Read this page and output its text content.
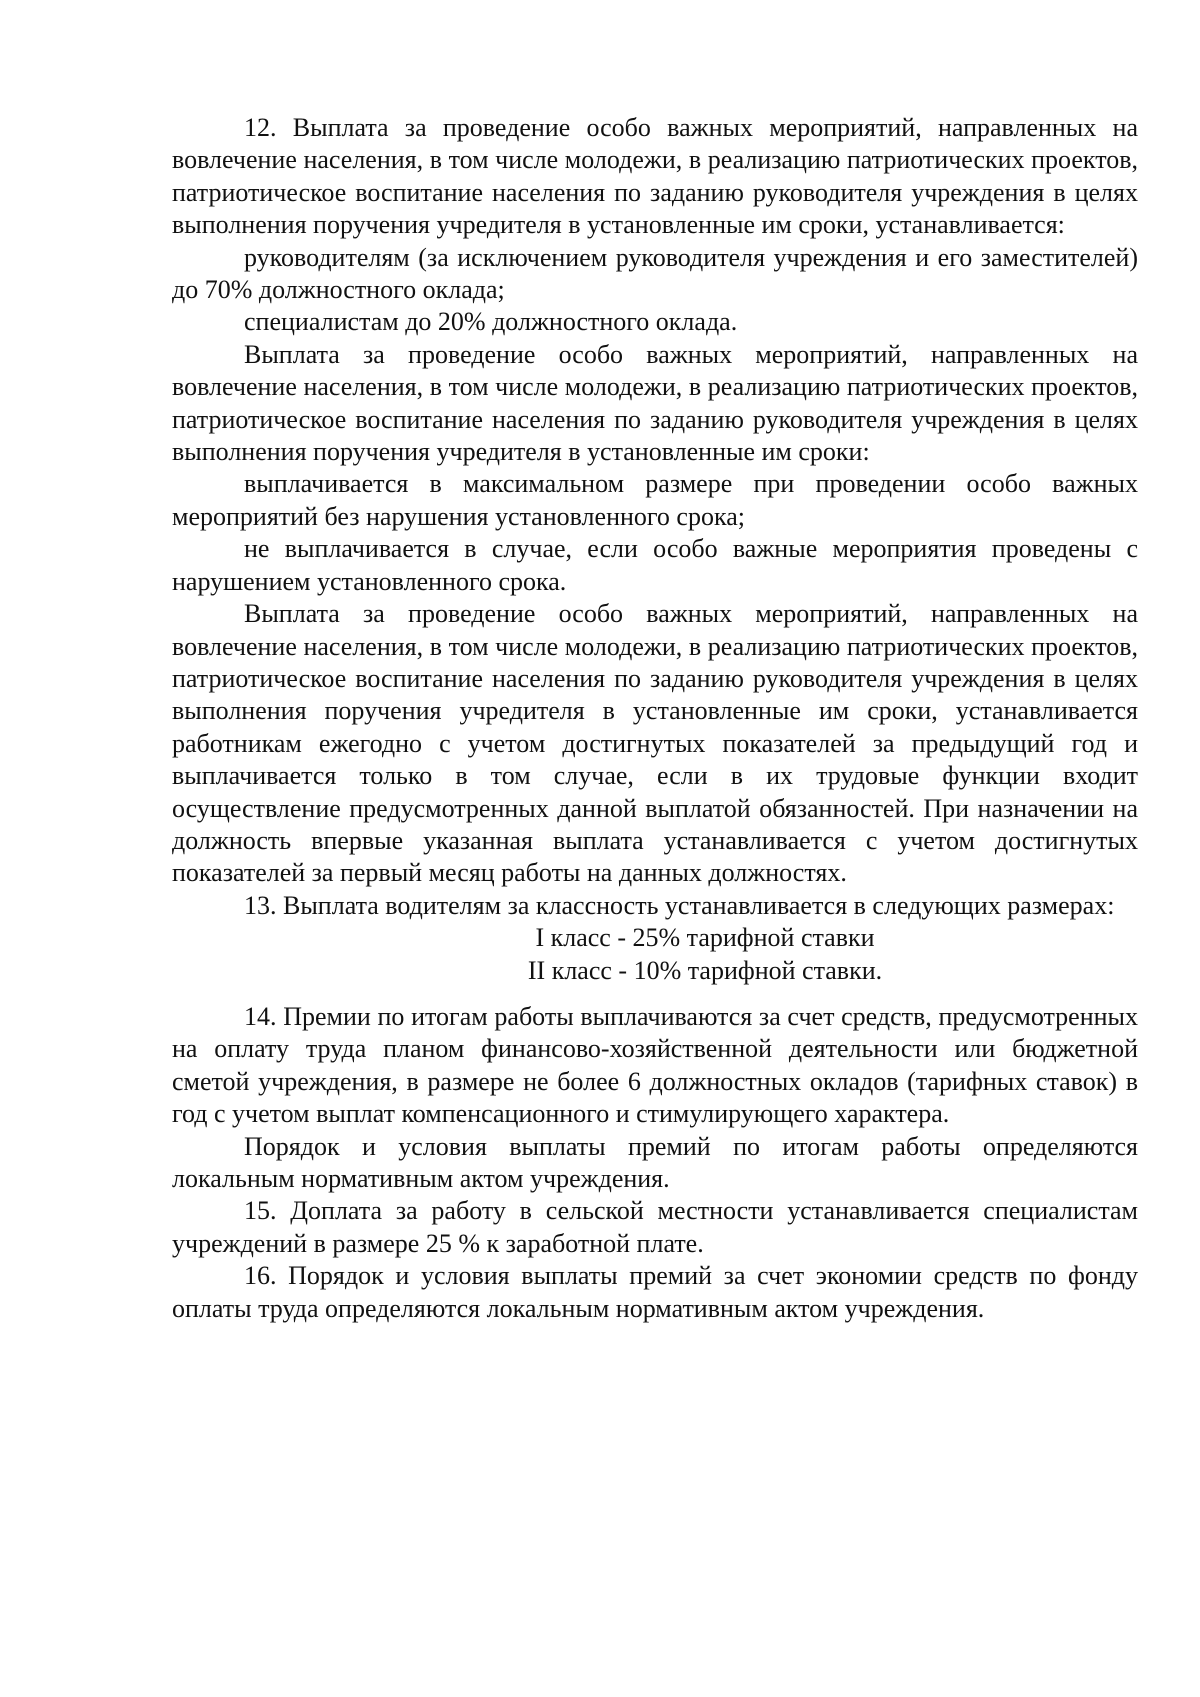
12. Выплата за проведение особо важных мероприятий, направленных на вовлечение населения, в том числе молодежи, в реализацию патриотических проектов, патриотическое воспитание населения по заданию руководителя учреждения в целях выполнения поручения учредителя в установленные им сроки, устанавливается:

руководителям (за исключением руководителя учреждения и его заместителей) до 70% должностного оклада;

специалистам до 20% должностного оклада.

Выплата за проведение особо важных мероприятий, направленных на вовлечение населения, в том числе молодежи, в реализацию патриотических проектов, патриотическое воспитание населения по заданию руководителя учреждения в целях выполнения поручения учредителя в установленные им сроки:

выплачивается в максимальном размере при проведении особо важных мероприятий без нарушения установленного срока;

не выплачивается в случае, если особо важные мероприятия проведены с нарушением установленного срока.

Выплата за проведение особо важных мероприятий, направленных на вовлечение населения, в том числе молодежи, в реализацию патриотических проектов, патриотическое воспитание населения по заданию руководителя учреждения в целях выполнения поручения учредителя в установленные им сроки, устанавливается работникам ежегодно с учетом достигнутых показателей за предыдущий год и выплачивается только в том случае, если в их трудовые функции входит осуществление предусмотренных данной выплатой обязанностей. При назначении на должность впервые указанная выплата устанавливается с учетом достигнутых показателей за первый месяц работы на данных должностях.

13. Выплата водителям за классность устанавливается в следующих размерах:

I класс - 25% тарифной ставки

II класс - 10% тарифной ставки.

14. Премии по итогам работы выплачиваются за счет средств, предусмотренных на оплату труда планом финансово-хозяйственной деятельности или бюджетной сметой учреждения, в размере не более 6 должностных окладов (тарифных ставок) в год с учетом выплат компенсационного и стимулирующего характера.

Порядок и условия выплаты премий по итогам работы определяются локальным нормативным актом учреждения.

15. Доплата за работу в сельской местности устанавливается специалистам учреждений в размере 25 % к заработной плате.

16. Порядок и условия выплаты премий за счет экономии средств по фонду оплаты труда определяются локальным нормативным актом учреждения.
